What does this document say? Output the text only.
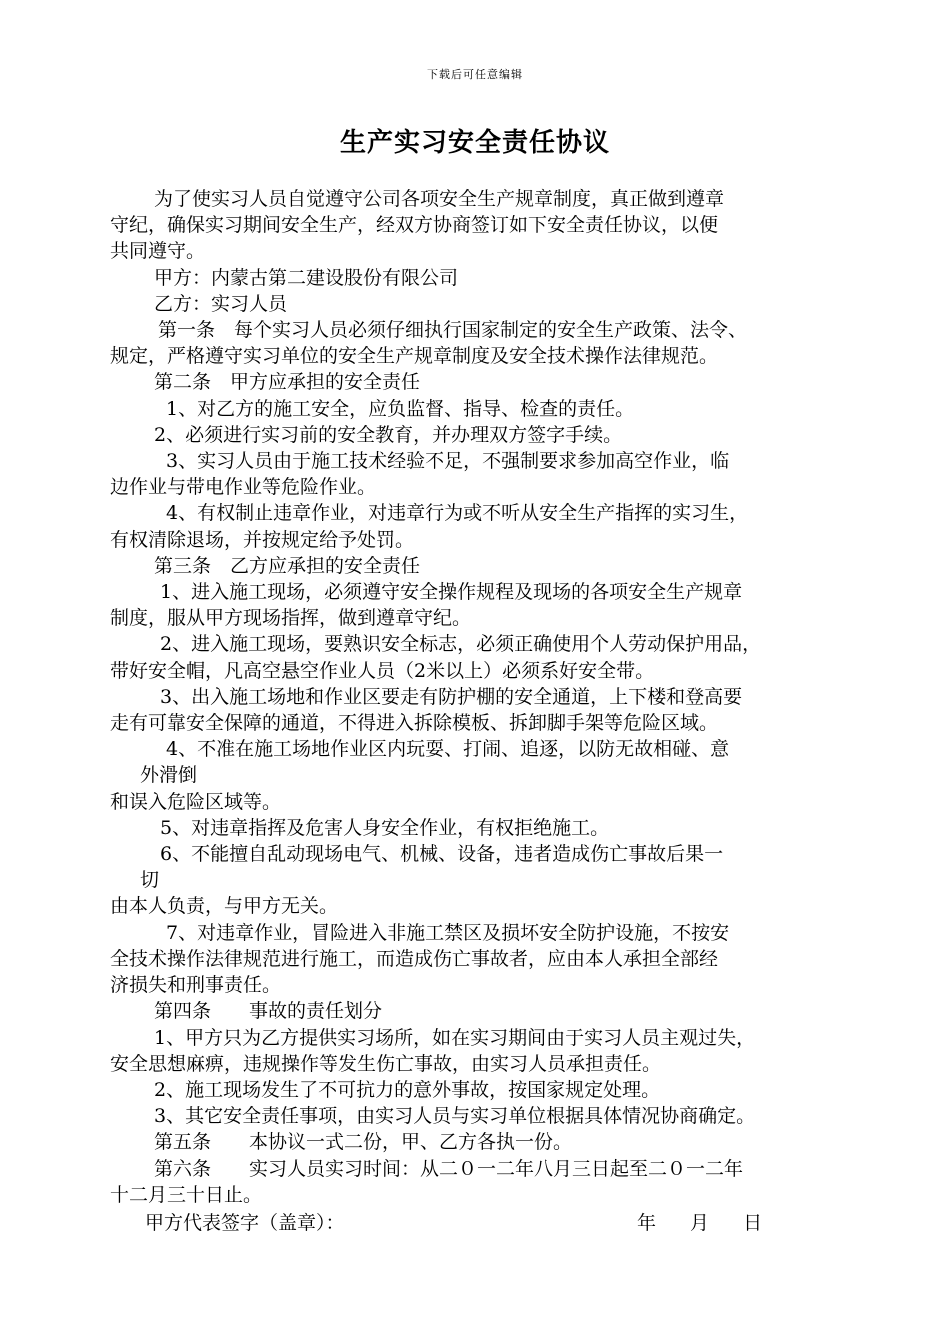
下载后可任意编辑
生产实习安全责任协议
为了使实习人员自觉遵守公司各项安全生产规章制度，真正做到遵章
守纪，确保实习期间安全生产，经双方协商签订如下安全责任协议，以便
共同遵守。
甲方：内蒙古第二建设股份有限公司
乙方：实习人员
第一条　每个实习人员必须仔细执行国家制定的安全生产政策、法令、
规定，严格遵守实习单位的安全生产规章制度及安全技术操作法律规范。
第二条　甲方应承担的安全责任
1、对乙方的施工安全，应负监督、指导、检查的责任。
2、必须进行实习前的安全教育，并办理双方签字手续。
3、实习人员由于施工技术经验不足，不强制要求参加高空作业，临
边作业与带电作业等危险作业。
4、有权制止违章作业，对违章行为或不听从安全生产指挥的实习生，
有权清除退场，并按规定给予处罚。
第三条　乙方应承担的安全责任
1、进入施工现场，必须遵守安全操作规程及现场的各项安全生产规章
制度，服从甲方现场指挥，做到遵章守纪。
2、进入施工现场，要熟识安全标志，必须正确使用个人劳动保护用品，
带好安全帽，凡高空悬空作业人员（2米以上）必须系好安全带。
3、出入施工场地和作业区要走有防护棚的安全通道，上下楼和登高要
走有可靠安全保障的通道，不得进入拆除模板、拆卸脚手架等危险区域。
4、不准在施工场地作业区内玩耍、打闹、追逐，以防无故相碰、意
外滑倒
和误入危险区域等。
5、对违章指挥及危害人身安全作业，有权拒绝施工。
6、不能擅自乱动现场电气、机械、设备，违者造成伤亡事故后果一
切
由本人负责，与甲方无关。
7、对违章作业，冒险进入非施工禁区及损坏安全防护设施，不按安
全技术操作法律规范进行施工，而造成伤亡事故者，应由本人承担全部经
济损失和刑事责任。
第四条　　事故的责任划分
1、甲方只为乙方提供实习场所，如在实习期间由于实习人员主观过失，
安全思想麻痹，违规操作等发生伤亡事故，由实习人员承担责任。
2、施工现场发生了不可抗力的意外事故，按国家规定处理。
3、其它安全责任事项，由实习人员与实习单位根据具体情况协商确定。
第五条　　本协议一式二份，甲、乙方各执一份。
第六条　　实习人员实习时间：从二０一二年八月三日起至二０一二年
十二月三十日止。
甲方代表签字（盖章）：	年 月 日
